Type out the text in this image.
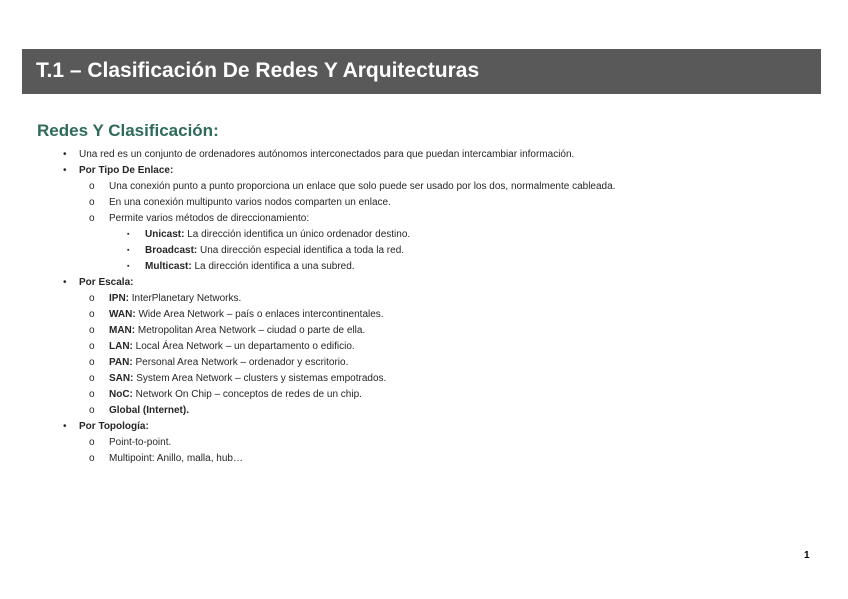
T.1 – Clasificación De Redes Y Arquitecturas
Redes Y Clasificación:
• Una red es un conjunto de ordenadores autónomos interconectados para que puedan intercambiar información.
• Por Tipo De Enlace:
o Una conexión punto a punto proporciona un enlace que solo puede ser usado por los dos, normalmente cableada.
o En una conexión multipunto varios nodos comparten un enlace.
o Permite varios métodos de direccionamiento:
▪ Unicast: La dirección identifica un único ordenador destino.
▪ Broadcast: Una dirección especial identifica a toda la red.
▪ Multicast: La dirección identifica a una subred.
• Por Escala:
o IPN: InterPlanetary Networks.
o WAN: Wide Area Network – país o enlaces intercontinentales.
o MAN: Metropolitan Area Network – ciudad o parte de ella.
o LAN: Local Área Network – un departamento o edificio.
o PAN: Personal Area Network – ordenador y escritorio.
o SAN: System Area Network – clusters y sistemas empotrados.
o NoC: Network On Chip – conceptos de redes de un chip.
o Global (Internet).
• Por Topología:
o Point-to-point.
o Multipoint: Anillo, malla, hub…
1
